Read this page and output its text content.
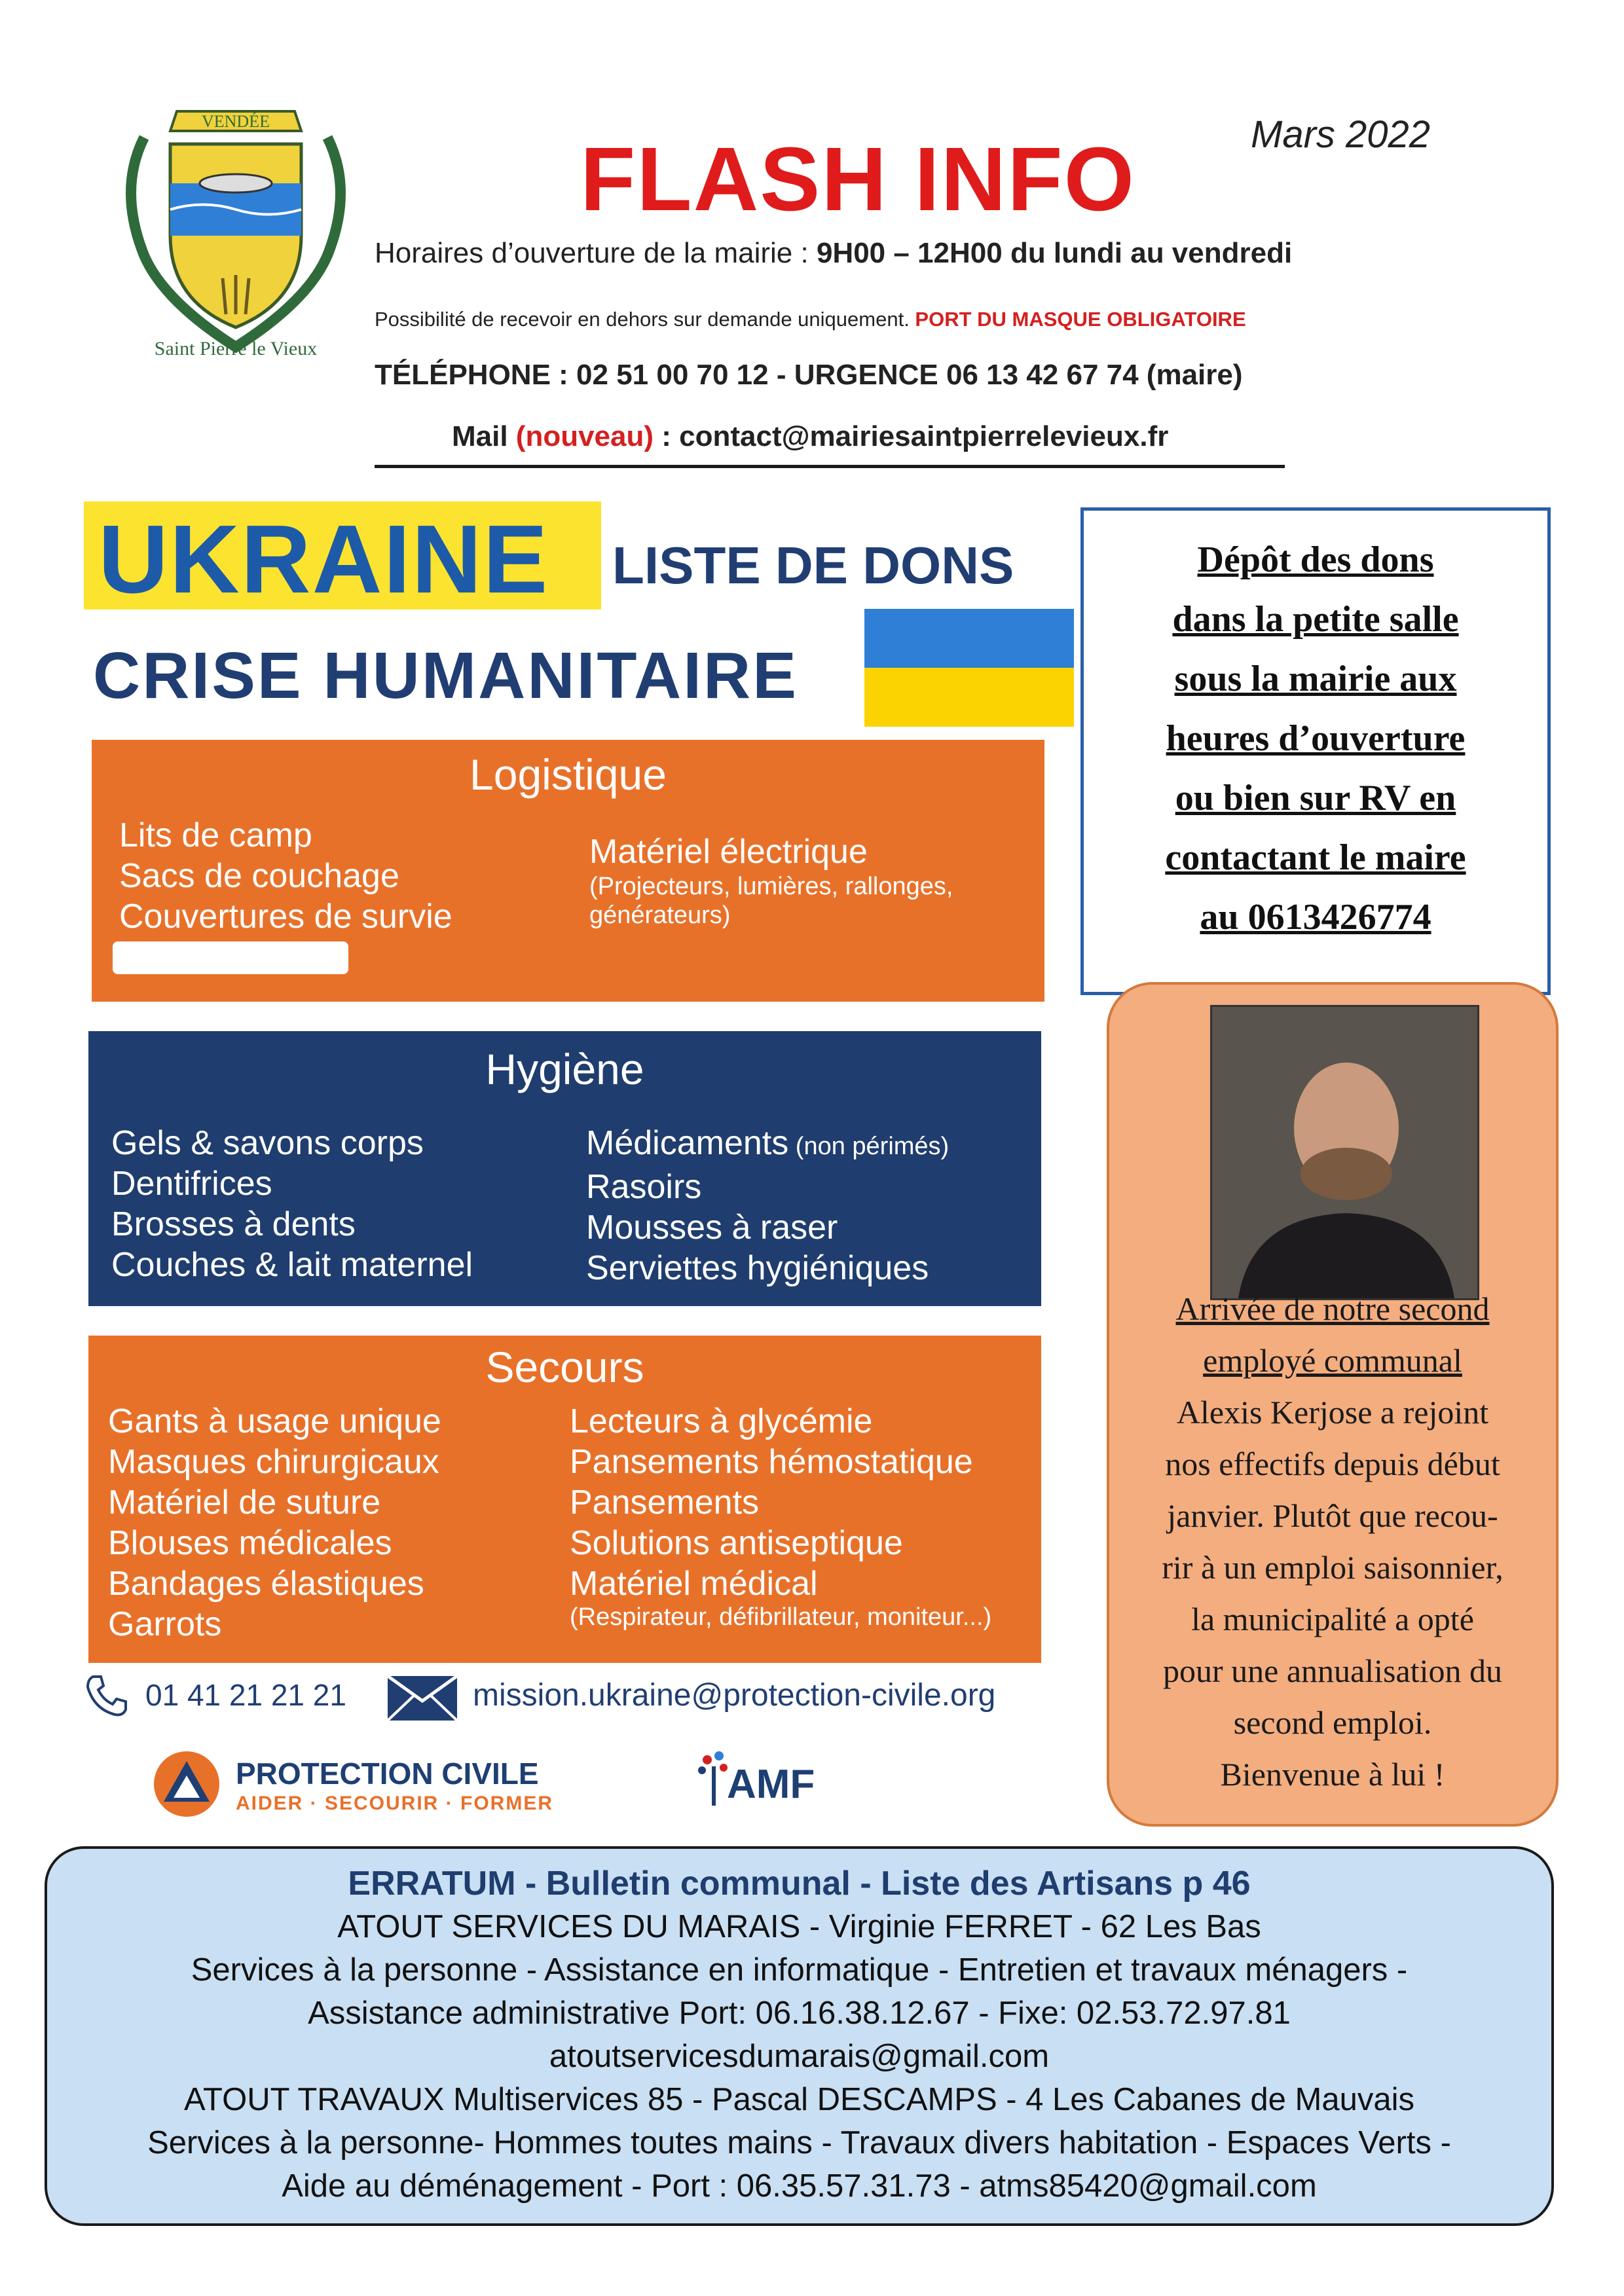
VENDÉE
Saint Pierre le Vieux
Mars 2022
FLASH INFO
Horaires d’ouverture de la mairie : 9H00 – 12H00 du lundi au vendredi
Possibilité de recevoir en dehors sur demande uniquement. PORT DU MASQUE OBLIGATOIRE
TÉLÉPHONE : 02 51 00 70 12 - URGENCE 06 13 42 67 74 (maire)
Mail (nouveau) : contact@mairiesaintpierrelevieux.fr
UKRAINE LISTE DE DONS
CRISE HUMANITAIRE
Dépôt des dons
dans la petite salle
sous la mairie aux
heures d’ouverture
ou bien sur RV en
contactant le maire
au 0613426774
Logistique
Lits de camp
Sacs de couchage
Couvertures de survie
Matériel électrique
(Projecteurs, lumières, rallonges,
générateurs)
Hygiène
Gels & savons corps
Dentifrices
Brosses à dents
Couches & lait maternel
Médicaments (non périmés)
Rasoirs
Mousses à raser
Serviettes hygiéniques
Secours
Gants à usage unique
Masques chirurgicaux
Matériel de suture
Blouses médicales
Bandages élastiques
Garrots
Lecteurs à glycémie
Pansements hémostatique
Pansements
Solutions antiseptique
Matériel médical
(Respirateur, défibrillateur, moniteur...)
01 41 21 21 21	mission.ukraine@protection-civile.org
PROTECTION CIVILE
AIDER · SECOURIR · FORMER	AMF
Arrivée de notre second
employé communal
Alexis Kerjose a rejoint
nos effectifs depuis début
janvier. Plutôt que recou-
rir à un emploi saisonnier,
la municipalité a opté
pour une annualisation du
second emploi.
Bienvenue à lui !
ERRATUM - Bulletin communal - Liste des Artisans p 46
ATOUT SERVICES DU MARAIS - Virginie FERRET - 62 Les Bas
Services à la personne - Assistance en informatique - Entretien et travaux ménagers -
Assistance administrative Port: 06.16.38.12.67 - Fixe: 02.53.72.97.81
atoutservicesdumarais@gmail.com
ATOUT TRAVAUX Multiservices 85 - Pascal DESCAMPS - 4 Les Cabanes de Mauvais
Services à la personne- Hommes toutes mains - Travaux divers habitation - Espaces Verts -
Aide au déménagement - Port : 06.35.57.31.73 - atms85420@gmail.com
